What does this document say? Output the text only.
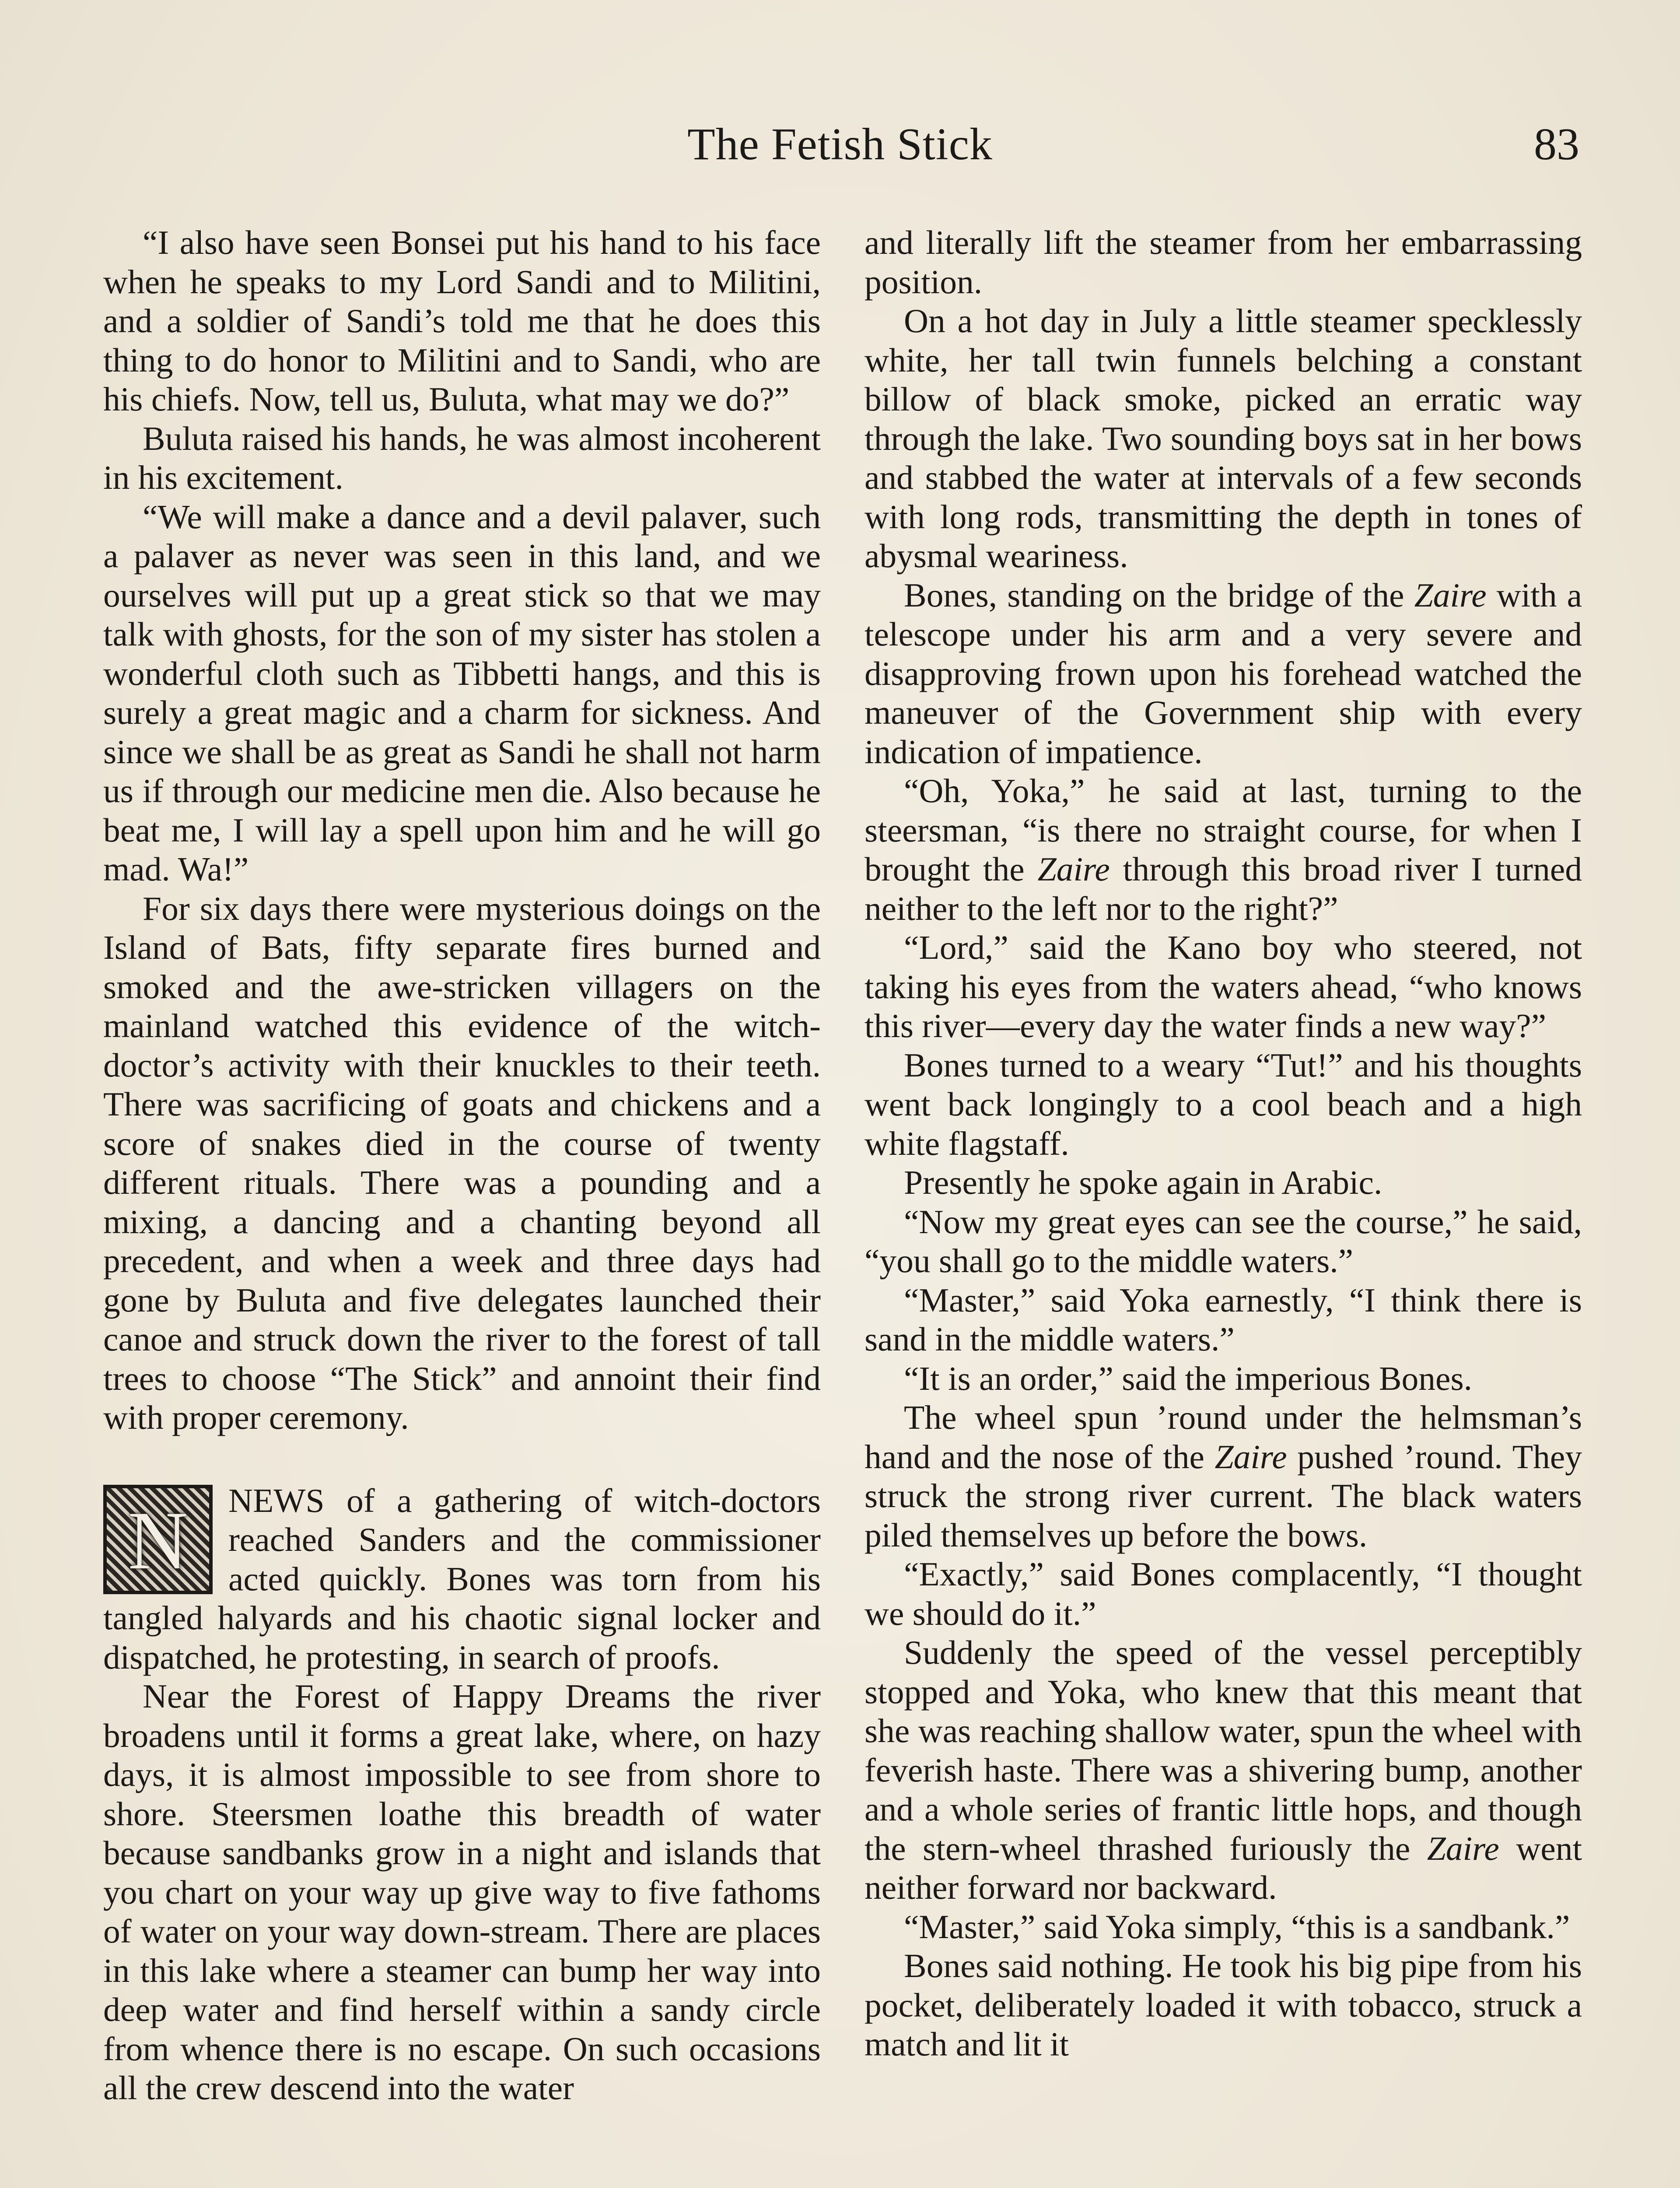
The Fetish Stick	83

“I also have seen Bonsei put his hand to his face when he speaks to my Lord Sandi and to Militini, and a soldier of Sandi’s told me that he does this thing to do honor to Militini and to Sandi, who are his chiefs. Now, tell us, Buluta, what may we do?”

Buluta raised his hands, he was almost incoherent in his excitement.

“We will make a dance and a devil palaver, such a palaver as never was seen in this land, and we ourselves will put up a great stick so that we may talk with ghosts, for the son of my sister has stolen a wonderful cloth such as Tibbetti hangs, and this is surely a great magic and a charm for sickness. And since we shall be as great as Sandi he shall not harm us if through our medicine men die. Also because he beat me, I will lay a spell upon him and he will go mad. Wa!”

For six days there were mysterious doings on the Island of Bats, fifty separate fires burned and smoked and the awe-stricken villagers on the mainland watched this evidence of the witch-doctor’s activity with their knuckles to their teeth. There was sacrificing of goats and chickens and a score of snakes died in the course of twenty different rituals. There was a pounding and a mixing, a dancing and a chanting beyond all precedent, and when a week and three days had gone by Buluta and five delegates launched their canoe and struck down the river to the forest of tall trees to choose “The Stick” and annoint their find with proper ceremony.

N	NEWS of a gathering of witch-doctors reached Sanders and the commissioner acted quickly. Bones was torn from his tangled halyards and his chaotic signal locker and dispatched, he protesting, in search of proofs.

Near the Forest of Happy Dreams the river broadens until it forms a great lake, where, on hazy days, it is almost impossible to see from shore to shore. Steersmen loathe this breadth of water because sandbanks grow in a night and islands that you chart on your way up give way to five fathoms of water on your way down-stream. There are places in this lake where a steamer can bump her way into deep water and find herself within a sandy circle from whence there is no escape. On such occasions all the crew descend into the water

and literally lift the steamer from her embarrassing position.

On a hot day in July a little steamer specklessly white, her tall twin funnels belching a constant billow of black smoke, picked an erratic way through the lake. Two sounding boys sat in her bows and stabbed the water at intervals of a few seconds with long rods, transmitting the depth in tones of abysmal weariness.

Bones, standing on the bridge of the Zaire with a telescope under his arm and a very severe and disapproving frown upon his forehead watched the maneuver of the Government ship with every indication of impatience.

“Oh, Yoka,” he said at last, turning to the steersman, “is there no straight course, for when I brought the Zaire through this broad river I turned neither to the left nor to the right?”

“Lord,” said the Kano boy who steered, not taking his eyes from the waters ahead, “who knows this river—every day the water finds a new way?”

Bones turned to a weary “Tut!” and his thoughts went back longingly to a cool beach and a high white flagstaff.

Presently he spoke again in Arabic.

“Now my great eyes can see the course,” he said, “you shall go to the middle waters.”

“Master,” said Yoka earnestly, “I think there is sand in the middle waters.”

“It is an order,” said the imperious Bones.

The wheel spun ’round under the helmsman’s hand and the nose of the Zaire pushed ’round. They struck the strong river current. The black waters piled themselves up before the bows.

“Exactly,” said Bones complacently, “I thought we should do it.”

Suddenly the speed of the vessel perceptibly stopped and Yoka, who knew that this meant that she was reaching shallow water, spun the wheel with feverish haste. There was a shivering bump, another and a whole series of frantic little hops, and though the stern-wheel thrashed furiously the Zaire went neither forward nor backward.

“Master,” said Yoka simply, “this is a sandbank.”

Bones said nothing. He took his big pipe from his pocket, deliberately loaded it with tobacco, struck a match and lit it
